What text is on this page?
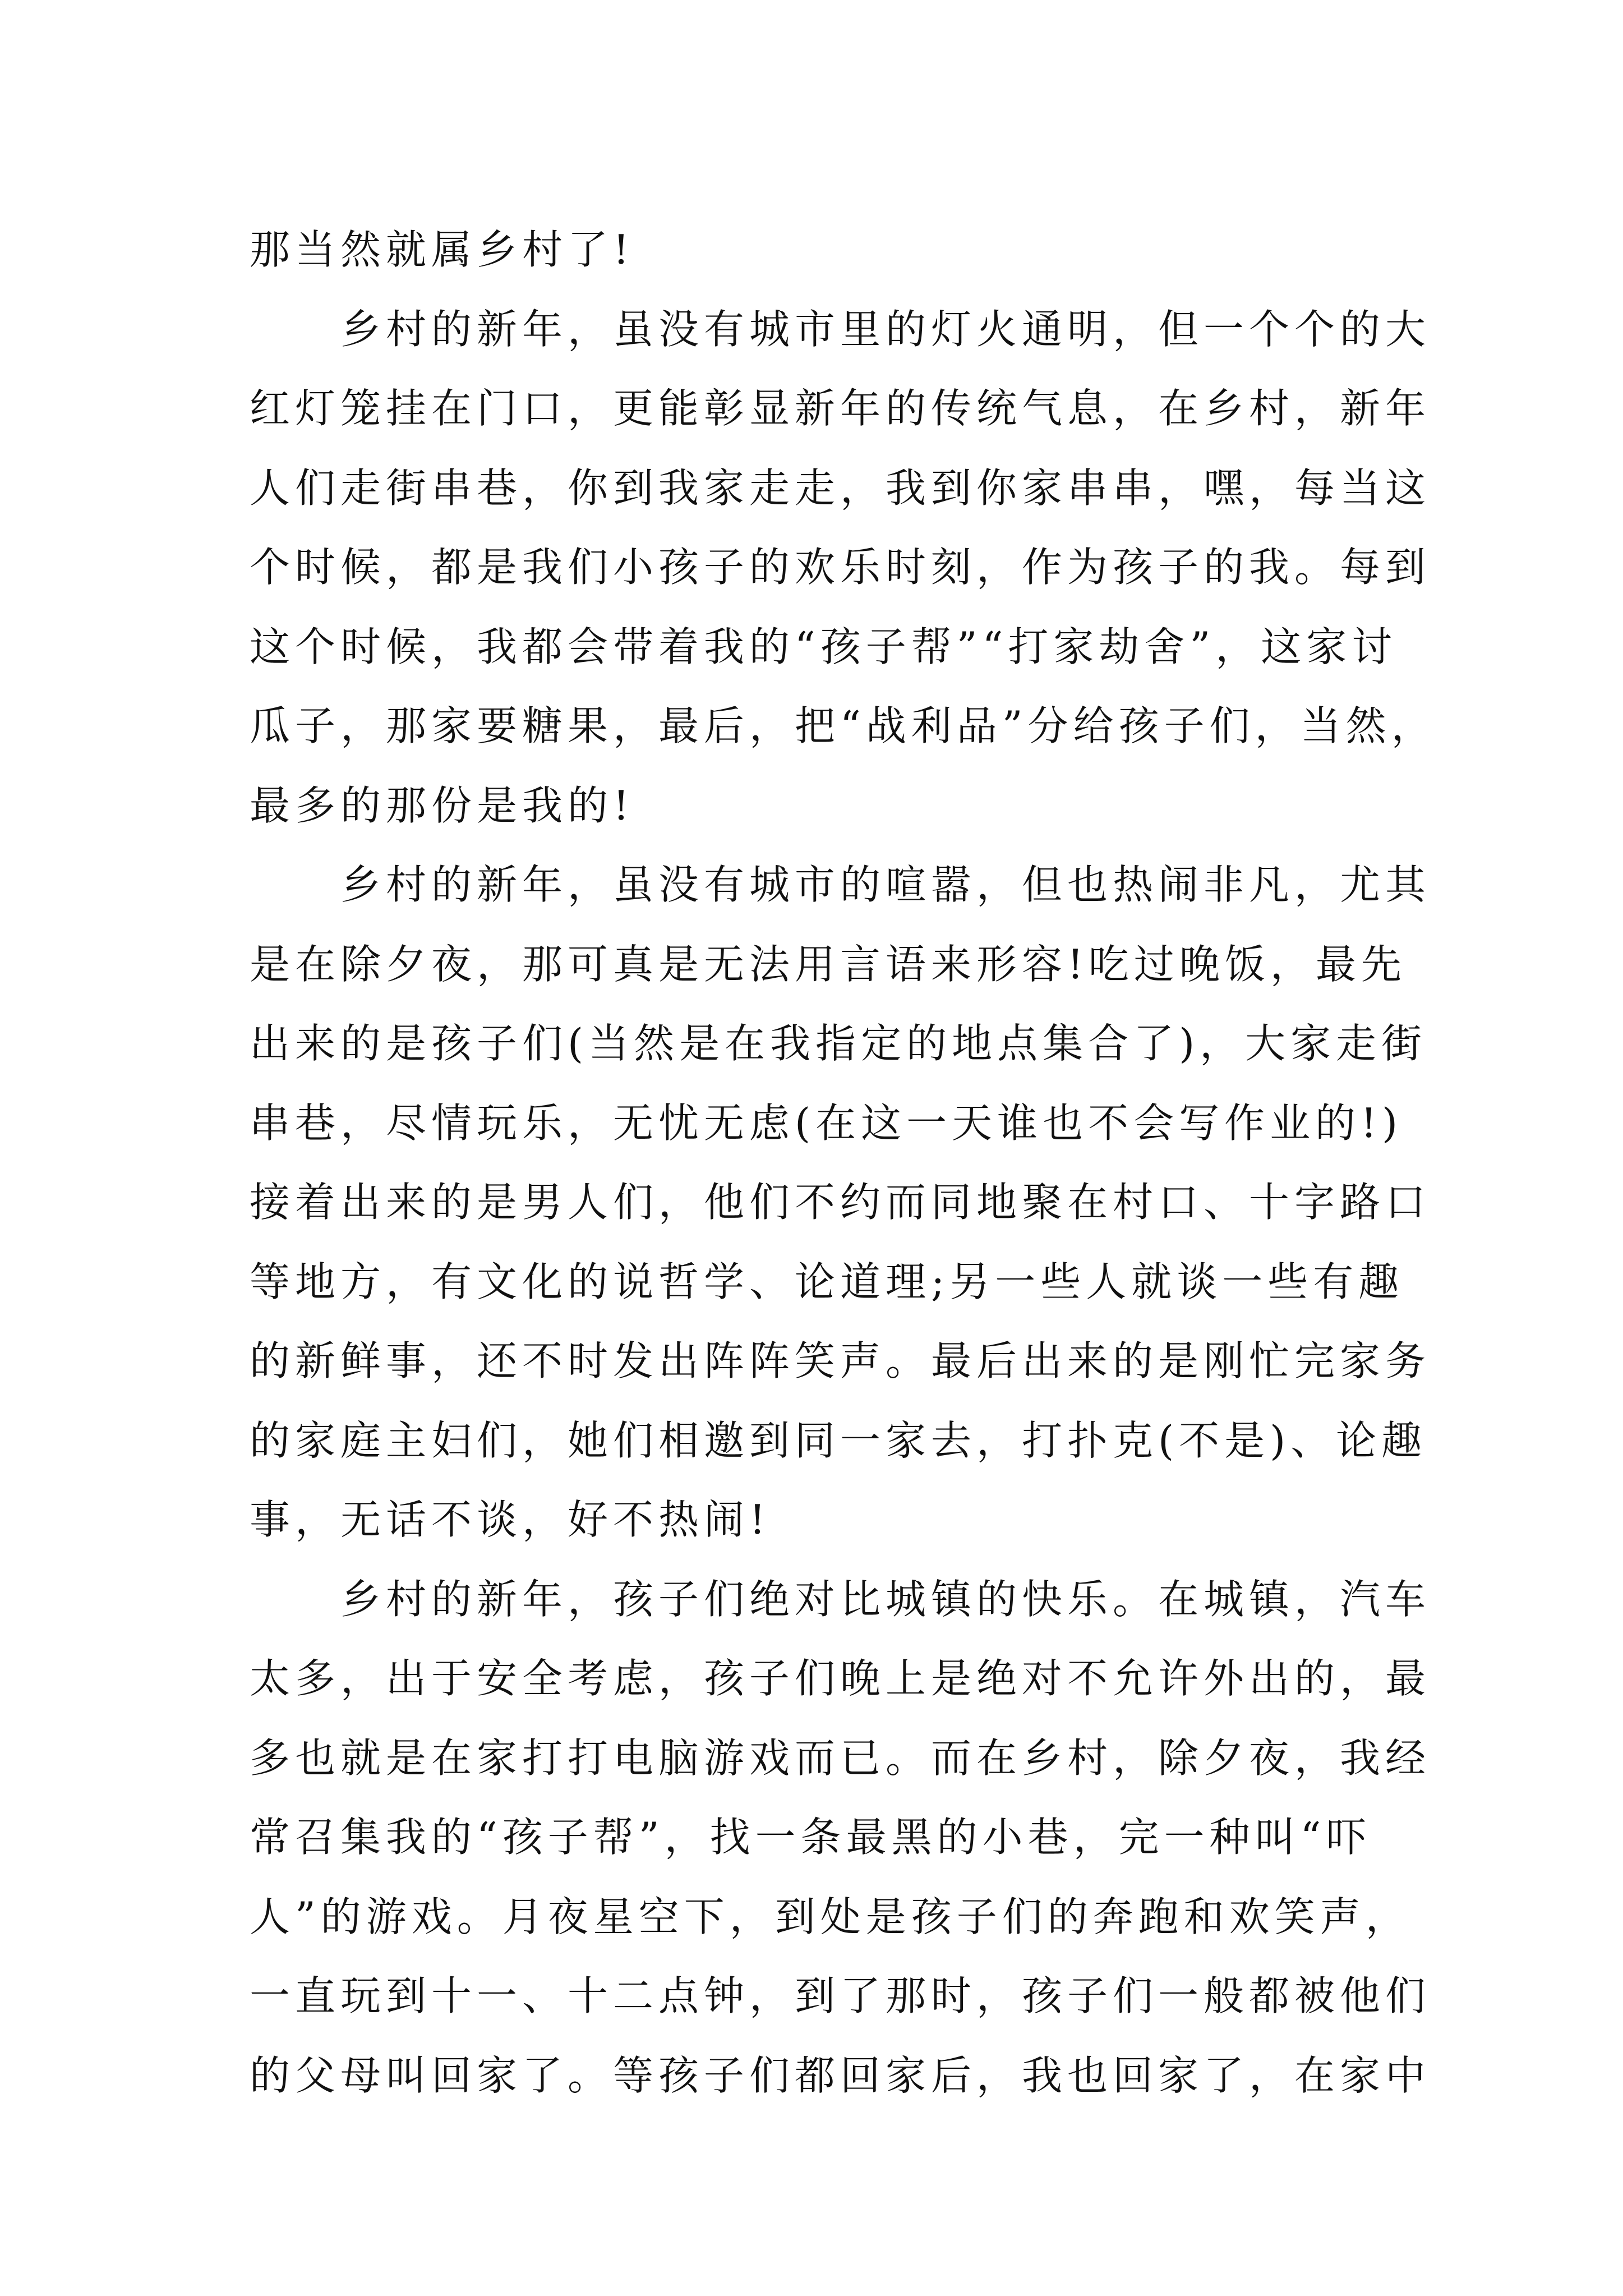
那当然就属乡村了!
乡村的新年，虽没有城市里的灯火通明，但一个个的大
红灯笼挂在门口，更能彰显新年的传统气息，在乡村，新年
人们走街串巷，你到我家走走，我到你家串串，嘿，每当这
个时候，都是我们小孩子的欢乐时刻，作为孩子的我。每到
这个时候，我都会带着我的“孩子帮”“打家劫舍”，这家讨
瓜子，那家要糖果，最后，把“战利品”分给孩子们，当然，
最多的那份是我的!
乡村的新年，虽没有城市的喧嚣，但也热闹非凡，尤其
是在除夕夜，那可真是无法用言语来形容!吃过晚饭，最先
出来的是孩子们(当然是在我指定的地点集合了)，大家走街
串巷，尽情玩乐，无忧无虑(在这一天谁也不会写作业的!)
接着出来的是男人们，他们不约而同地聚在村口、十字路口
等地方，有文化的说哲学、论道理;另一些人就谈一些有趣
的新鲜事，还不时发出阵阵笑声。最后出来的是刚忙完家务
的家庭主妇们，她们相邀到同一家去，打扑克(不是)、论趣
事，无话不谈，好不热闹!
乡村的新年，孩子们绝对比城镇的快乐。在城镇，汽车
太多，出于安全考虑，孩子们晚上是绝对不允许外出的，最
多也就是在家打打电脑游戏而已。而在乡村，除夕夜，我经
常召集我的“孩子帮”，找一条最黑的小巷，完一种叫“吓
人”的游戏。月夜星空下，到处是孩子们的奔跑和欢笑声，
一直玩到十一、十二点钟，到了那时，孩子们一般都被他们
的父母叫回家了。等孩子们都回家后，我也回家了，在家中
